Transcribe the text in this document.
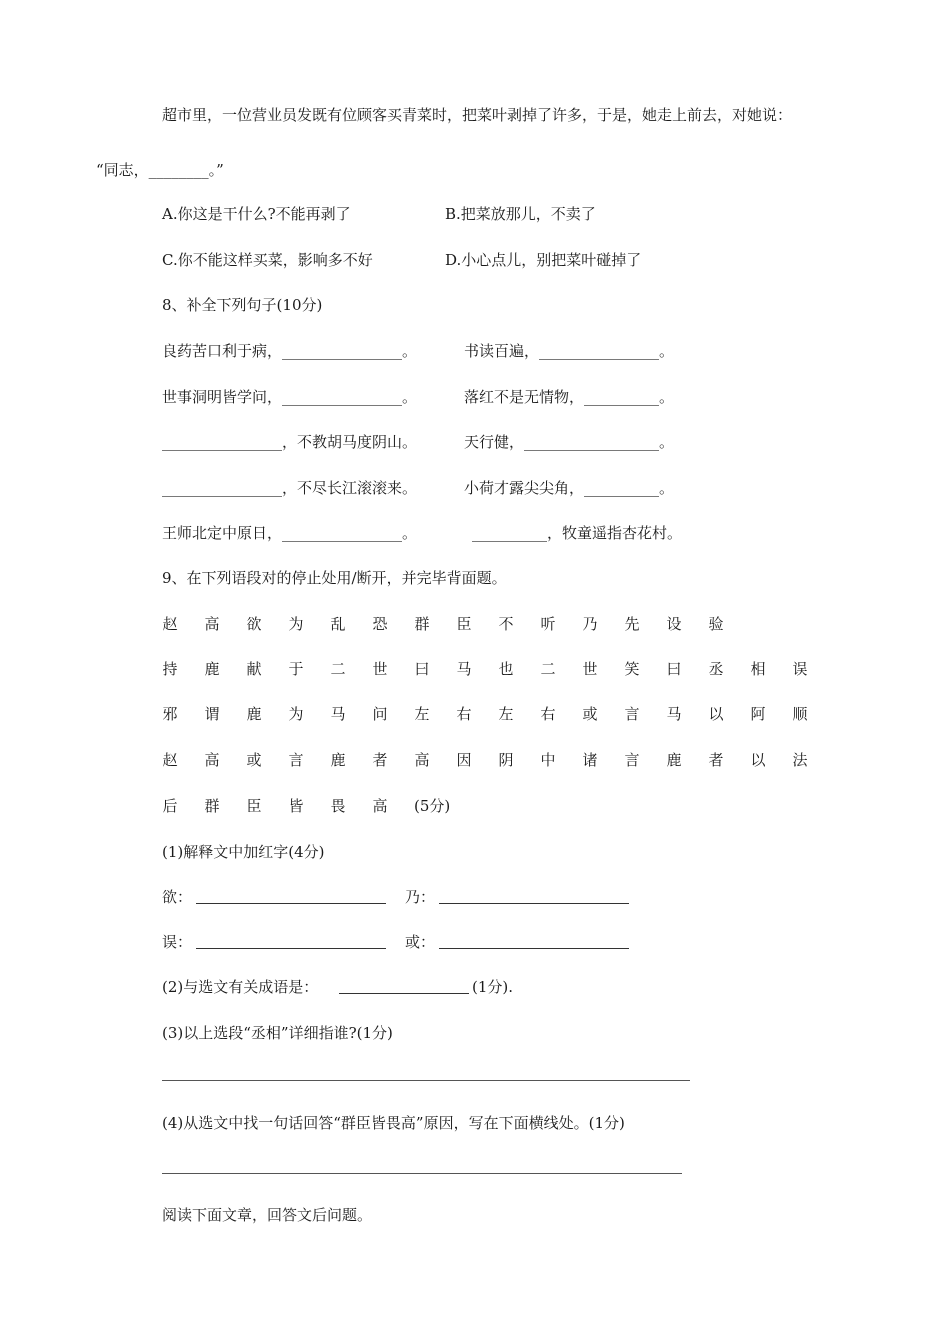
超市里，一位营业员发既有位顾客买青菜时，把菜叶剥掉了许多，于是，她走上前去，对她说：
“同志，________。”
A.你这是干什么?不能再剥了	B.把菜放那儿，不卖了
C.你不能这样买菜，影响多不好	D.小心点儿，别把菜叶碰掉了
8、补全下列句子(10分)
良药苦口利于病，________________。	书读百遍，________________。
世事洞明皆学问，________________。	落红不是无情物，__________。
________________，不教胡马度阴山。	天行健，__________________。
________________，不尽长江滚滚来。	小荷才露尖尖角，__________。
王师北定中原日，________________。	__________，牧童遥指杏花村。
9、在下列语段对的停止处用/断开，并完毕背面题。
赵 高 欲 为 乱 恐 群 臣 不 听 乃 先 设 验
持 鹿 献 于 二 世 曰 马 也 二 世 笑 曰 丞 相 误
邪 谓 鹿 为 马 问 左 右 左 右 或 言 马 以 阿 顺
赵 高 或 言 鹿 者 高 因 阴 中 诸 言 鹿 者 以 法
后 群 臣 皆 畏 高 (5分)
(1)解释文中加红字(4分)
欲：	乃：
误：	或：
(2)与选文有关成语是：	(1分).
(3)以上选段“丞相”详细指谁?(1分)
(4)从选文中找一句话回答“群臣皆畏高”原因，写在下面横线处。(1分)
阅读下面文章，回答文后问题。
